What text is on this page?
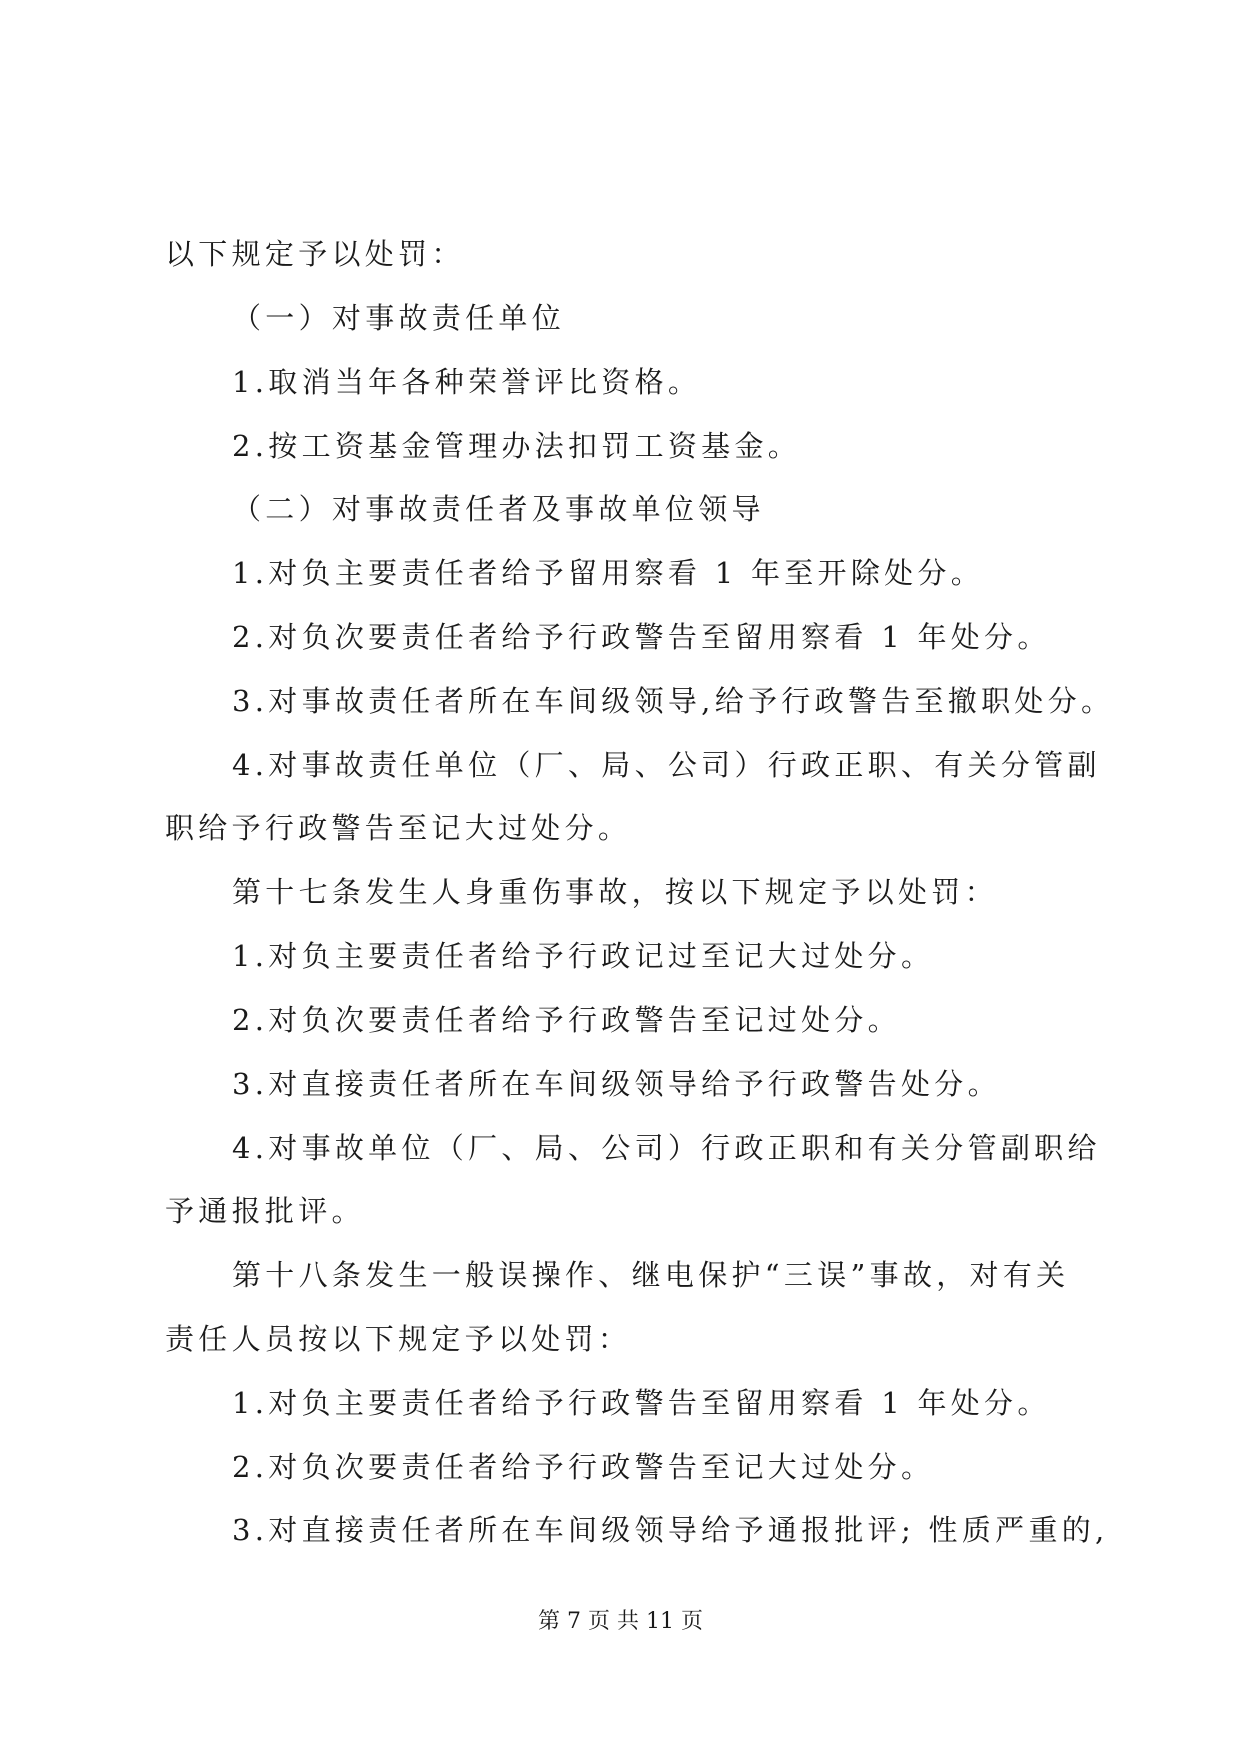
以下规定予以处罚：
（一）对事故责任单位
1.取消当年各种荣誉评比资格。
2.按工资基金管理办法扣罚工资基金。
（二）对事故责任者及事故单位领导
1.对负主要责任者给予留用察看 1 年至开除处分。
2.对负次要责任者给予行政警告至留用察看 1 年处分。
3.对事故责任者所在车间级领导,给予行政警告至撤职处分。
4.对事故责任单位（厂、局、公司）行政正职、有关分管副
职给予行政警告至记大过处分。
第十七条发生人身重伤事故，按以下规定予以处罚：
1.对负主要责任者给予行政记过至记大过处分。
2.对负次要责任者给予行政警告至记过处分。
3.对直接责任者所在车间级领导给予行政警告处分。
4.对事故单位（厂、局、公司）行政正职和有关分管副职给
予通报批评。
第十八条发生一般误操作、继电保护“三误”事故，对有关
责任人员按以下规定予以处罚：
1.对负主要责任者给予行政警告至留用察看 1 年处分。
2.对负次要责任者给予行政警告至记大过处分。
3.对直接责任者所在车间级领导给予通报批评; 性质严重的,
第 7 页 共 11 页
